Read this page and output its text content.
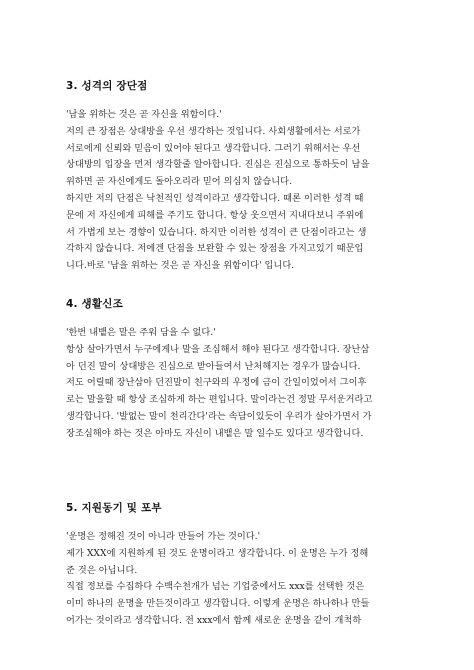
3. 성격의 장단점
'남을 위하는 것은 곧 자신을 위함이다.'
저의 큰 장점은 상대방을 우선 생각하는 것입니다. 사회생활에서는 서로가
서로에게 신뢰와 믿음이 있어야 된다고 생각합니다. 그러기 위해서는 우선
상대방의 입장을 먼저 생각할줄 알아합니다. 진심은 진심으로 통하듯이 남을
위하면 곧 자신에게도 돌아오리라 믿어 의심치 않습니다.
하지만 저의 단점은 낙천적인 성격이라고 생각합니다. 때론 이러한 성격 때
문에 저 자신에게 피해를 주기도 합니다. 항상 웃으면서 지내다보니 주위에
서 가볍게 보는 경향이 있습니다. 하지만 이러한 성격이 큰 단점이라고는 생
각하지 않습니다. 저에겐 단점을 보완할 수 있는 장점을 가지고있기 때문입
니다.바로 '남을 위하는 것은 곧 자신을 위함이다' 입니다.
4. 생활신조
'한번 내뱉은 말은 주워 담을 수 없다.'
항상 살아가면서 누구에게나 말을 조심해서 해야 된다고 생각합니다. 장난삼
아 던진 말이 상대방은 진심으로 받아들여서 난처해지는 경우가 많습니다.
저도 어릴때 장난삼아 던진말이 친구와의 우정에 금이 간일이었어서 그이후
로는 말을할 때 항상 조심하게 하는 편입니다. 말이라는건 정말 무서운거라고
생각합니다. '발없는 말이 천리간다'라는 속담이있듯이 우리가 살아가면서 가
장조심해야 하는 것은 아마도 자신이 내뱉은 말 일수도 있다고 생각합니다.
5. 지원동기 및 포부
'운명은 정해진 것이 아니라 만들어 가는 것이다.'
제가 XXX에 지원하게 된 것도 운명이라고 생각합니다. 이 운명은 누가 정해
준 것은 아닙니다.
직접 정보를 수집하다 수백수천개가 넘는 기업중에서도 xxx를 선택한 것은
이미 하나의 운명을 만든것이라고 생각합니다. 이렇게 운명은 하나하나 만들
어가는 것이라고 생각합니다. 전 xxx에서 함께 새로운 운명을 같이 개척하
